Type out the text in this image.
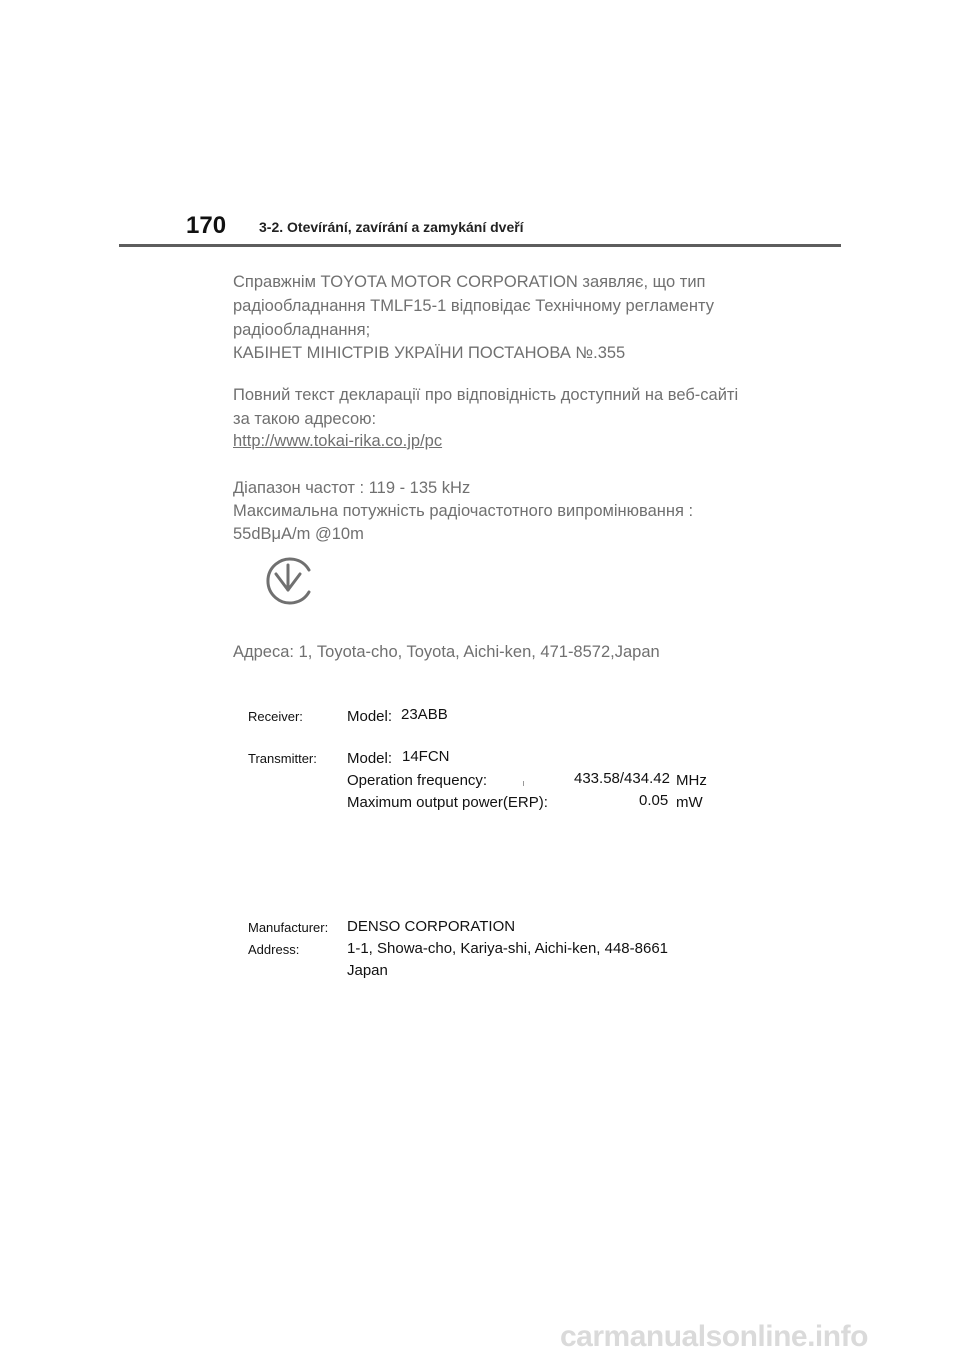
170 3-2. Otevírání, zavírání a zamykání dveří
Справжнім TOYOTA MOTOR CORPORATION заявляє, що тип
радіообладнання TMLF15-1 відповідає Технічному регламенту
радіообладнання;
КАБІНЕТ МІНІСТРІВ УКРАЇНИ ПОСТАНОВА №.355
Повний текст декларації про відповідність доступний на веб-сайті
за такою адресою:
http://www.tokai-rika.co.jp/pc
Діапазон частот : 119 - 135 kHz
Максимальна потужність радіочастотного випромінювання :
55dBμA/m @10m
Адреса: 1, Toyota-cho, Toyota, Aichi-ken, 471-8572,Japan
Receiver:	Model: 23ABB
Transmitter: Model: 14FCN
Operation frequency:	433.58/434.42 MHz
Maximum output power(ERP):	0.05 mW
Manufacturer: DENSO CORPORATION
Address:	1-1, Showa-cho, Kariya-shi, Aichi-ken, 448-8661
Japan
carmanualsonline.info
